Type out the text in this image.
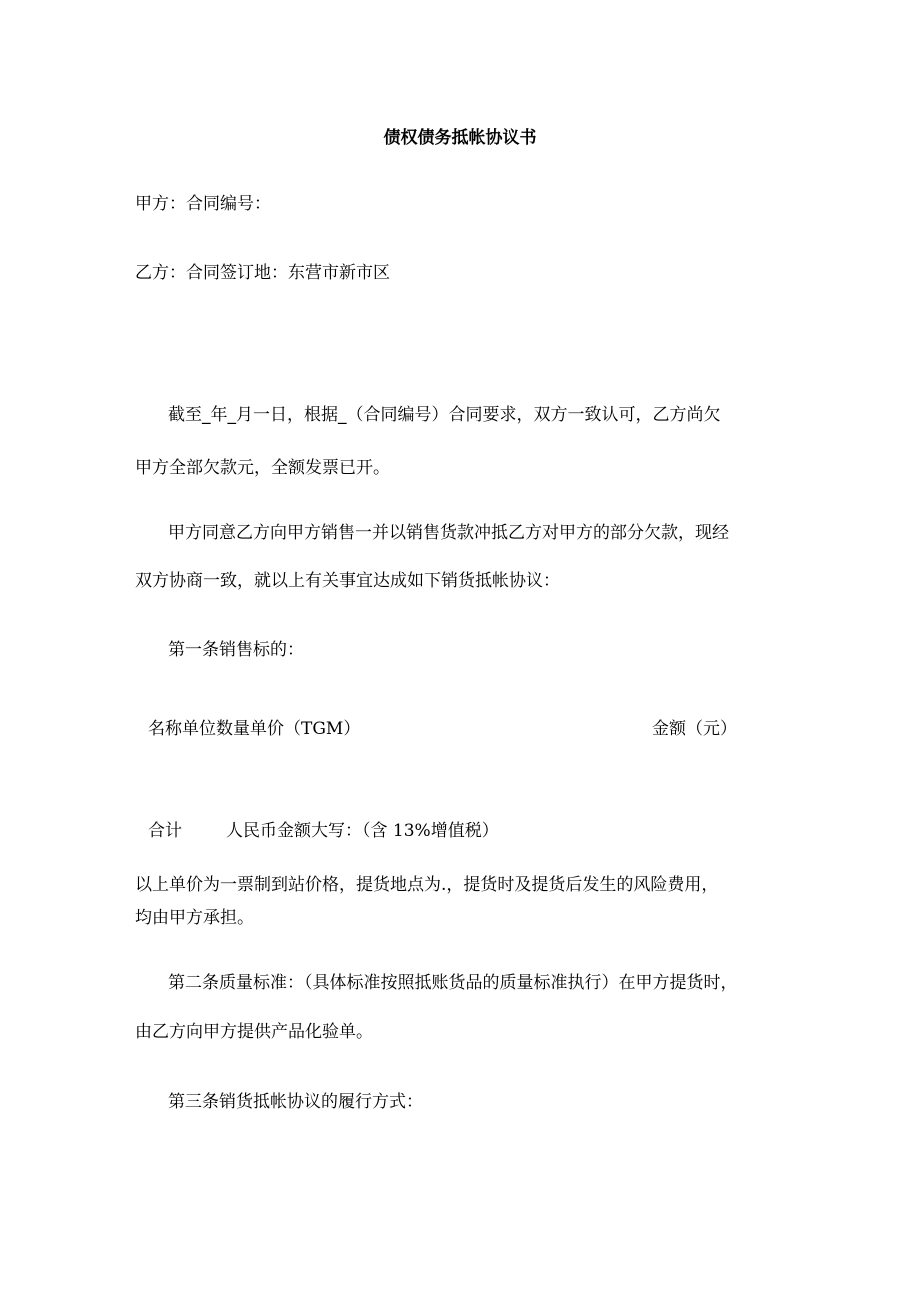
债权债务抵帐协议书
甲方：合同编号：
乙方：合同签订地：东营市新市区
截至_年_月一日，根据_（合同编号）合同要求，双方一致认可，乙方尚欠
甲方全部欠款元，全额发票已开。
甲方同意乙方向甲方销售一并以销售货款冲抵乙方对甲方的部分欠款，现经
双方协商一致，就以上有关事宜达成如下销货抵帐协议：
第一条销售标的：
名称单位数量单价（TGM）	金额（元）
合计	人民币金额大写：（含 13%增值税）
以上单价为一票制到站价格，提货地点为.，提货时及提货后发生的风险费用，
均由甲方承担。
第二条质量标准：（具体标准按照抵账货品的质量标准执行）在甲方提货时，
由乙方向甲方提供产品化验单。
第三条销货抵帐协议的履行方式：
